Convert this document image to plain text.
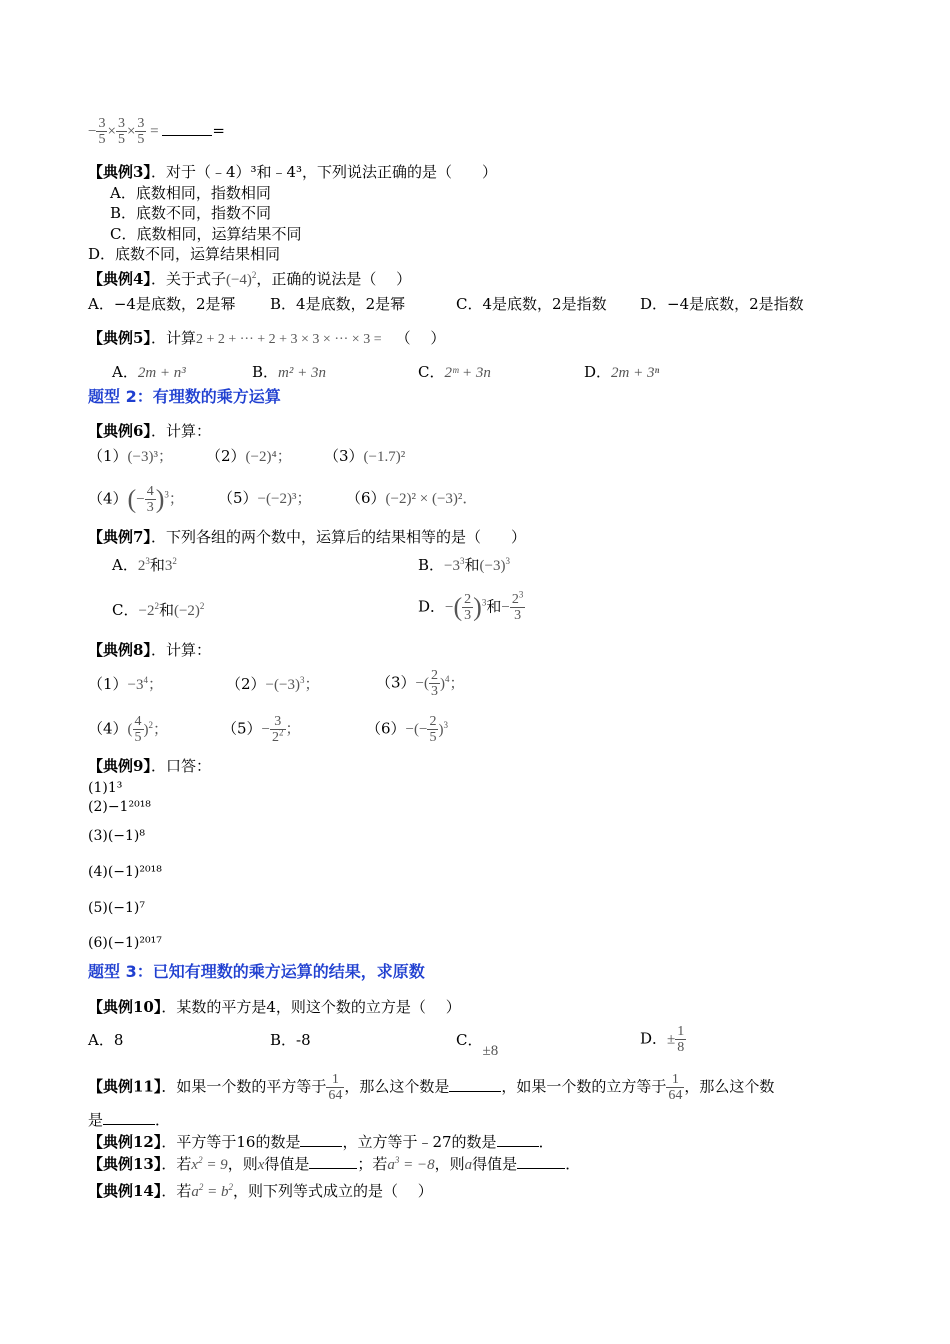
− $\frac{3}{5} \times \frac{3}{5} \times \frac{3}{5}$ =	=
【典例3】．对于（﹣4）³和﹣4³，下列说法正确的是（　　）
A．底数相同，指数相同
B．底数不同，指数不同
C．底数相同，运算结果不同
D．底数不同，运算结果相同
【典例4】．关于式子$(-4)^2$，正确的说法是（　 ）
A．−4是底数，2是幂 B．4是底数，2是幂	C．4是底数，2是指数 D．−4是底数，2是指数
【典例5】．计算2 + 2 + ··· + 2 + 3 × 3 × ··· × 3 = （　 ）
A．2m + n³	B．m² + 3n	C．2ᵐ + 3n	D．2m + 3ⁿ
题型 2：有理数的乘方运算
【典例6】．计算：
（1）(−3)³； （2）(−2)⁴； （3）(−1.7)²
$(4)(- \frac{4}{3} )^3$； （5）−(−2)³； （6）(−2)² × (−3)²．
【典例7】．下列各组的两个数中，运算后的结果相等的是（　　）
A．$2^3$和$3^2$	B．$-3^3$和$(-3)^3$
C．$-2^2$和$(-2)^2$	D．−( $\frac{2}{3} )^3$和− $\frac{2^3}{3}$
【典例8】．计算：
$(1)-3^4$；	$(2)-(-3)^3$；	$(3)-( \frac{2}{3} )^4$；
$(4)( \frac{4}{5} )^2$；	$(5)- \frac{3}{2^2}$ ；	$(6)-(- \frac{2}{5} )^3$
【典例9】．口答：
(1)1³
(2)−1²⁰¹⁸
(3)(−1)⁸
(4)(−1)²⁰¹⁸
(5)(−1)⁷
(6)(−1)²⁰¹⁷
题型 3：已知有理数的乘方运算的结果，求原数
【典例10】．某数的平方是4，则这个数的立方是（　 ）
A．8	B．-8	C．±8
D．± $\frac{1}{8}$
【典例11】．如果一个数的平方等于 $\frac{1}{64}$ ，那么这个数是	，如果一个数的立方等于 $\frac{1}{64}$ ，那么这个数
是	．
【典例12】．平方等于16的数是	，立方等于﹣27的数是	．
【典例13】．若$x^2 = 9$，则x得值是	；若$a^3 = -8$，则a得值是	．
【典例14】．若$a^2 = b^2$，则下列等式成立的是（　 ）
